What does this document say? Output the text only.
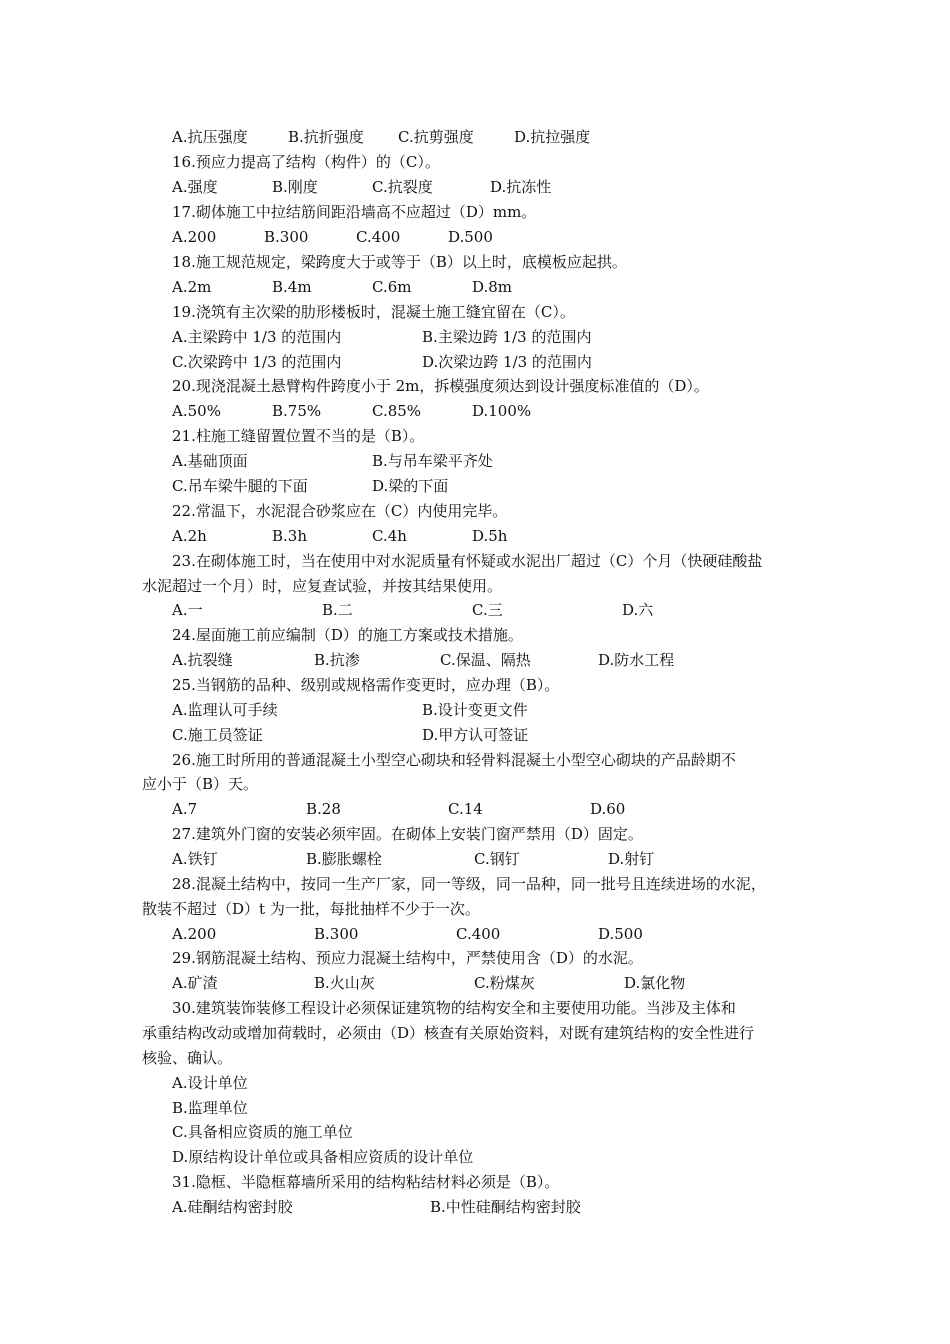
A.抗压强度	B.抗折强度 C.抗剪强度	D.抗拉强度
16.预应力提高了结构（构件）的（C）。
A.强度	B.刚度	C.抗裂度	D.抗冻性
17.砌体施工中拉结筋间距沿墙高不应超过（D）mm。
A.200	B.300	C.400	D.500
18.施工规范规定，梁跨度大于或等于（B）以上时，底模板应起拱。
A.2m	B.4m	C.6m	D.8m
19.浇筑有主次梁的肋形楼板时，混凝土施工缝宜留在（C）。
A.主梁跨中 1/3 的范围内	B.主梁边跨 1/3 的范围内
C.次梁跨中 1/3 的范围内	D.次梁边跨 1/3 的范围内
20.现浇混凝土悬臂构件跨度小于 2m，拆模强度须达到设计强度标准值的（D）。
A.50%	B.75%	C.85%	D.100%
21.柱施工缝留置位置不当的是（B）。
A.基础顶面	B.与吊车梁平齐处
C.吊车梁牛腿的下面	D.梁的下面
22.常温下，水泥混合砂浆应在（C）内使用完毕。
A.2h	B.3h	C.4h	D.5h
23.在砌体施工时，当在使用中对水泥质量有怀疑或水泥出厂超过（C）个月（快硬硅酸盐
水泥超过一个月）时，应复查试验，并按其结果使用。
A.一	B.二	C.三	D.六
24.屋面施工前应编制（D）的施工方案或技术措施。
A.抗裂缝	B.抗渗	C.保温、隔热	D.防水工程
25.当钢筋的品种、级别或规格需作变更时，应办理（B）。
A.监理认可手续	B.设计变更文件
C.施工员签证	D.甲方认可签证
26.施工时所用的普通混凝土小型空心砌块和轻骨料混凝土小型空心砌块的产品龄期不
应小于（B）天。
A.7	B.28	C.14	D.60
27.建筑外门窗的安装必须牢固。在砌体上安装门窗严禁用（D）固定。
A.铁钉	B.膨胀螺栓	C.钢钉	D.射钉
28.混凝土结构中，按同一生产厂家，同一等级，同一品种，同一批号且连续进场的水泥，
散装不超过（D）t 为一批，每批抽样不少于一次。
A.200	B.300	C.400	D.500
29.钢筋混凝土结构、预应力混凝土结构中，严禁使用含（D）的水泥。
A.矿渣	B.火山灰	C.粉煤灰	D.氯化物
30.建筑装饰装修工程设计必须保证建筑物的结构安全和主要使用功能。当涉及主体和
承重结构改动或增加荷载时，必须由（D）核查有关原始资料，对既有建筑结构的安全性进行
核验、确认。
A.设计单位
B.监理单位
C.具备相应资质的施工单位
D.原结构设计单位或具备相应资质的设计单位
31.隐框、半隐框幕墙所采用的结构粘结材料必须是（B）。
A.硅酮结构密封胶	B.中性硅酮结构密封胶
